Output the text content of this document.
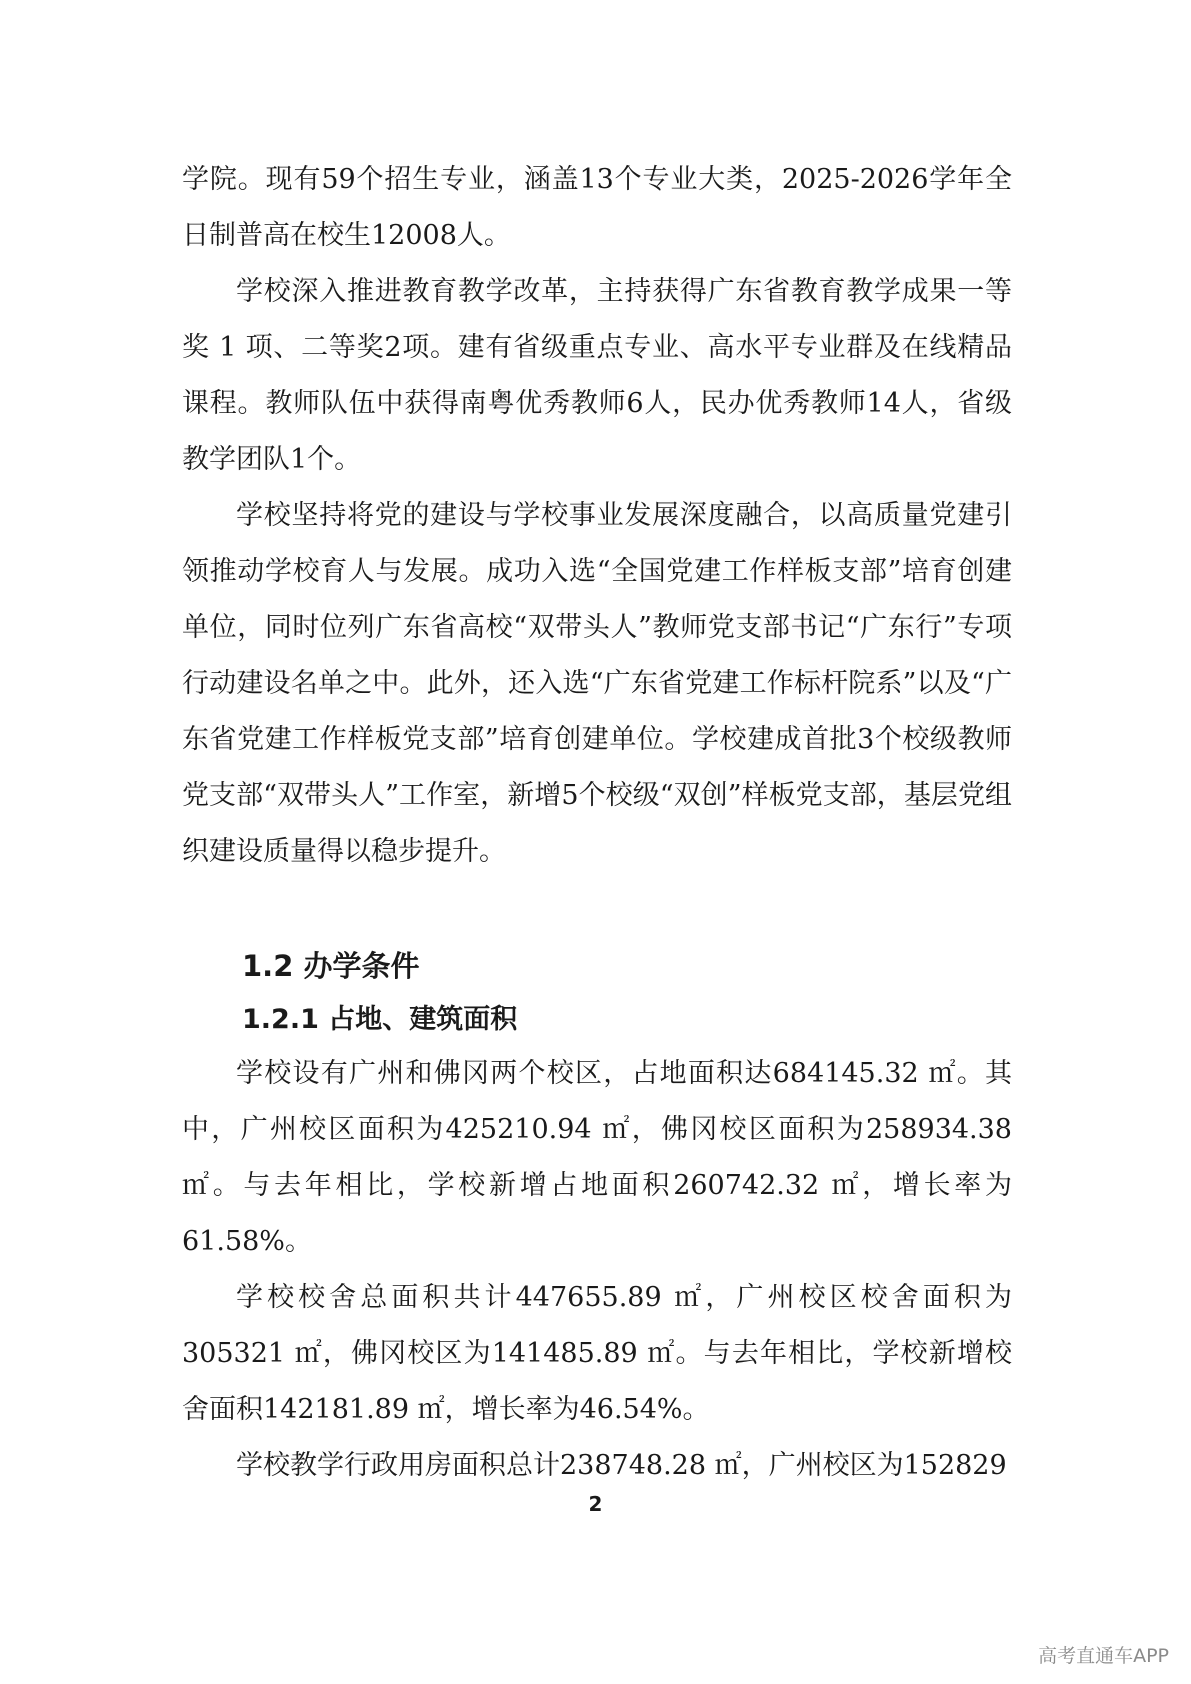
学院。现有59个招生专业，涵盖13个专业大类，2025-2026学年全日制普高在校生12008人。

学校深入推进教育教学改革，主持获得广东省教育教学成果一等奖 1 项、二等奖2项。建有省级重点专业、高水平专业群及在线精品课程。教师队伍中获得南粤优秀教师6人，民办优秀教师14人，省级教学团队1个。

学校坚持将党的建设与学校事业发展深度融合，以高质量党建引领推动学校育人与发展。成功入选“全国党建工作样板支部”培育创建单位，同时位列广东省高校“双带头人”教师党支部书记“广东行”专项行动建设名单之中。此外，还入选“广东省党建工作标杆院系”以及“广东省党建工作样板党支部”培育创建单位。学校建成首批3个校级教师党支部“双带头人”工作室，新增5个校级“双创”样板党支部，基层党组织建设质量得以稳步提升。

1.2 办学条件
1.2.1 占地、建筑面积

学校设有广州和佛冈两个校区，占地面积达684145.32 ㎡。其中，广州校区面积为425210.94 ㎡，佛冈校区面积为258934.38 ㎡。与去年相比，学校新增占地面积260742.32 ㎡，增长率为61.58%。

学校校舍总面积共计447655.89 ㎡，广州校区校舍面积为305321 ㎡，佛冈校区为141485.89 ㎡。与去年相比，学校新增校舍面积142181.89 ㎡，增长率为46.54%。

学校教学行政用房面积总计238748.28 ㎡，广州校区为152829

2
高考直通车APP
